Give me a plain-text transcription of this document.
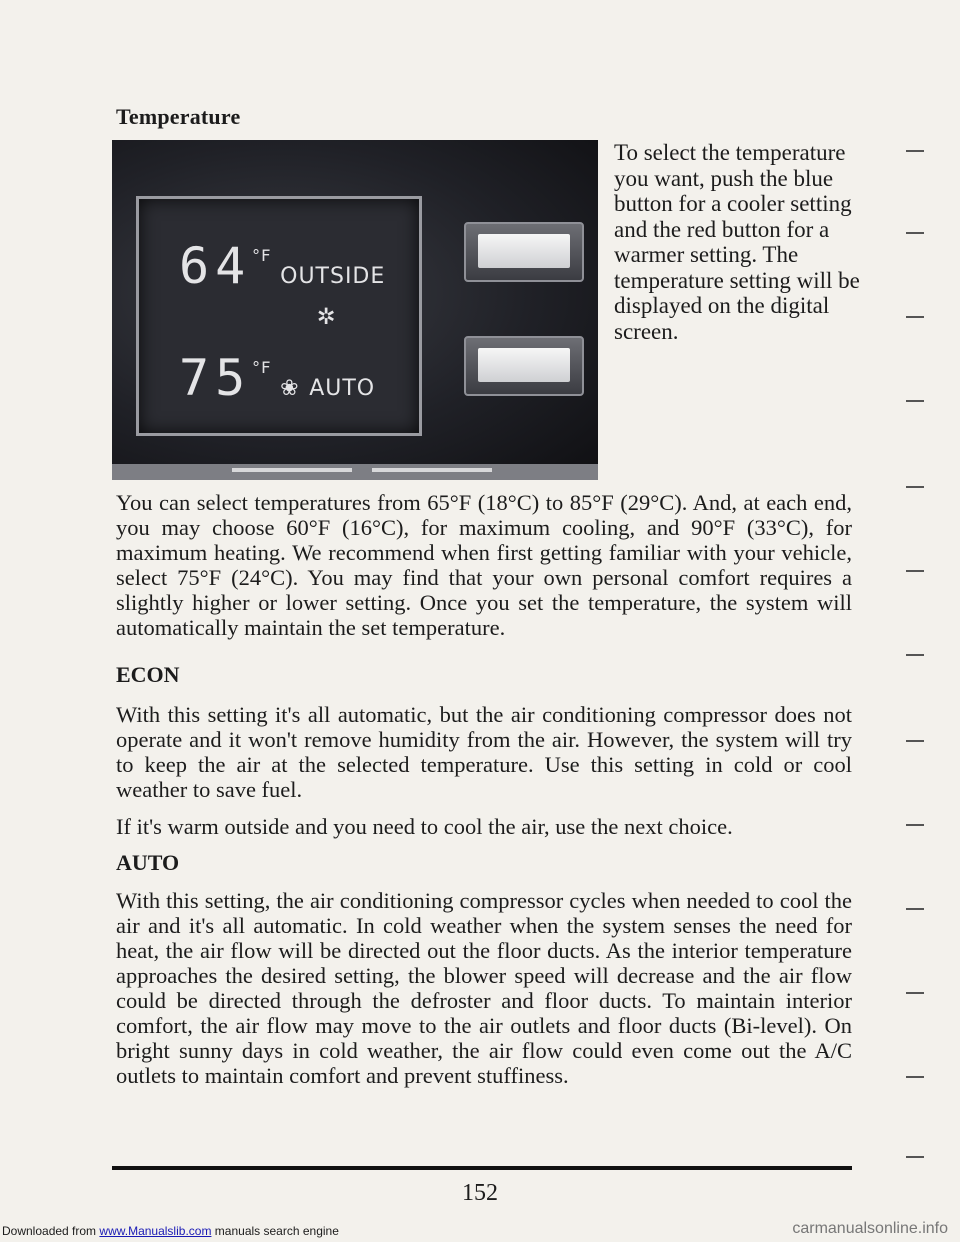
Temperature
64°F OUTSIDE
✲
75°F ❀ AUTO
To select the temperature you want, push the blue button for a cooler setting and the red button for a warmer setting. The temperature setting will be displayed on the digital screen.
You can select temperatures from 65°F (18°C) to 85°F (29°C). And, at each end, you may choose 60°F (16°C), for maximum cooling, and 90°F (33°C), for maximum heating. We recommend when first getting familiar with your vehicle, select 75°F (24°C). You may find that your own personal comfort requires a slightly higher or lower setting. Once you set the temperature, the system will automatically maintain the set temperature.
ECON
With this setting it's all automatic, but the air conditioning compressor does not operate and it won't remove humidity from the air. However, the system will try to keep the air at the selected temperature. Use this setting in cold or cool weather to save fuel.
If it's warm outside and you need to cool the air, use the next choice.
AUTO
With this setting, the air conditioning compressor cycles when needed to cool the air and it's all automatic. In cold weather when the system senses the need for heat, the air flow will be directed out the floor ducts. As the interior temperature approaches the desired setting, the blower speed will decrease and the air flow could be directed through the defroster and floor ducts. To maintain interior comfort, the air flow may move to the air outlets and floor ducts (Bi-level). On bright sunny days in cold weather, the air flow could even come out the A/C outlets to maintain comfort and prevent stuffiness.
152
Downloaded from www.Manualslib.com manuals search engine	carmanualsonline.info
